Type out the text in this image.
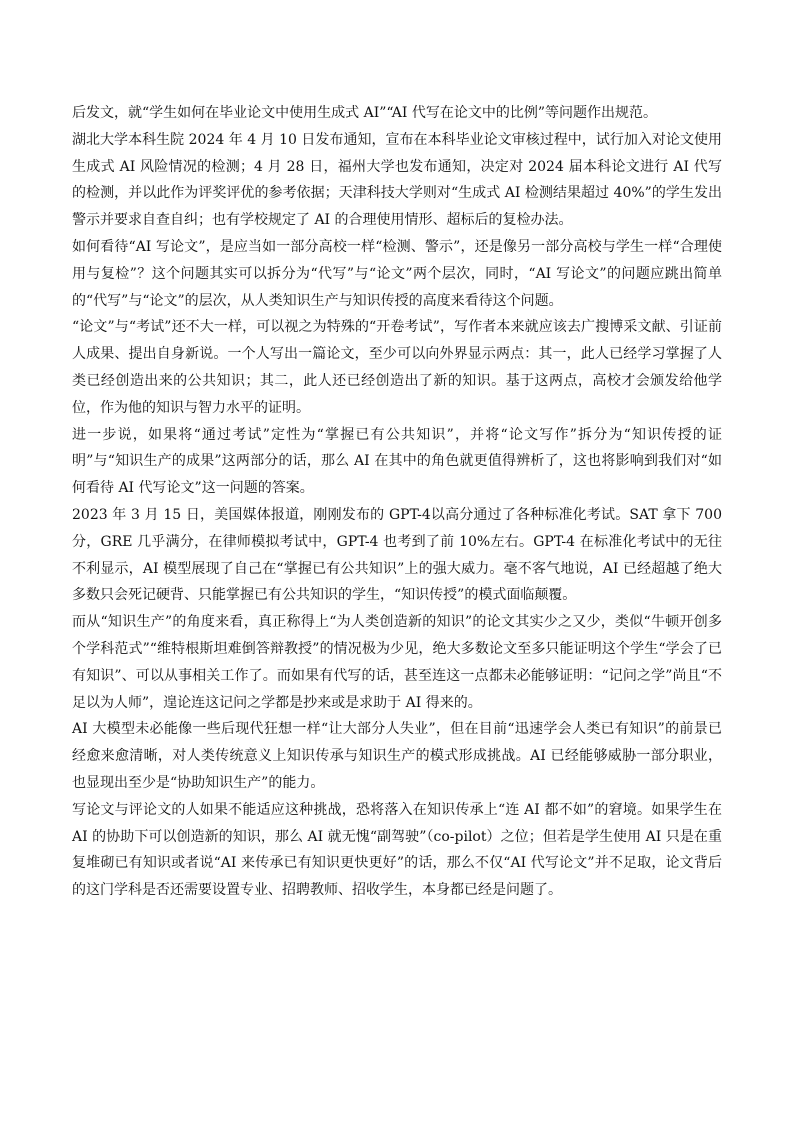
后发文，就“学生如何在毕业论文中使用生成式 AI”“AI 代写在论文中的比例”等问题作出规范。

湖北大学本科生院 2024 年 4 月 10 日发布通知，宣布在本科毕业论文审核过程中，试行加入对论文使用生成式 AI 风险情况的检测；4 月 28 日，福州大学也发布通知，决定对 2024 届本科论文进行 AI 代写的检测，并以此作为评奖评优的参考依据；天津科技大学则对“生成式 AI 检测结果超过 40%”的学生发出警示并要求自查自纠；也有学校规定了 AI 的合理使用情形、超标后的复检办法。

如何看待“AI 写论文”，是应当如一部分高校一样“检测、警示”，还是像另一部分高校与学生一样“合理使用与复检”？这个问题其实可以拆分为“代写”与“论文”两个层次，同时，“AI 写论文”的问题应跳出简单的“代写”与“论文”的层次，从人类知识生产与知识传授的高度来看待这个问题。

“论文”与“考试”还不大一样，可以视之为特殊的“开卷考试”，写作者本来就应该去广搜博采文献、引证前人成果、提出自身新说。一个人写出一篇论文，至少可以向外界显示两点：其一，此人已经学习掌握了人类已经创造出来的公共知识；其二，此人还已经创造出了新的知识。基于这两点，高校才会颁发给他学位，作为他的知识与智力水平的证明。

进一步说，如果将“通过考试”定性为“掌握已有公共知识”，并将“论文写作”拆分为“知识传授的证明”与“知识生产的成果”这两部分的话，那么 AI 在其中的角色就更值得辨析了，这也将影响到我们对“如何看待 AI 代写论文”这一问题的答案。

2023 年 3 月 15 日，美国媒体报道，刚刚发布的 GPT-4以高分通过了各种标准化考试。SAT 拿下 700 分，GRE 几乎满分，在律师模拟考试中，GPT-4 也考到了前 10%左右。GPT-4 在标准化考试中的无往不利显示，AI 模型展现了自己在“掌握已有公共知识”上的强大威力。毫不客气地说，AI 已经超越了绝大多数只会死记硬背、只能掌握已有公共知识的学生，“知识传授”的模式面临颠覆。

而从“知识生产”的角度来看，真正称得上“为人类创造新的知识”的论文其实少之又少，类似“牛顿开创多个学科范式”“维特根斯坦难倒答辩教授”的情况极为少见，绝大多数论文至多只能证明这个学生“学会了已有知识”、可以从事相关工作了。而如果有代写的话，甚至连这一点都未必能够证明：“记问之学”尚且“不足以为人师”，遑论连这记问之学都是抄来或是求助于 AI 得来的。

AI 大模型未必能像一些后现代狂想一样“让大部分人失业”，但在目前“迅速学会人类已有知识”的前景已经愈来愈清晰，对人类传统意义上知识传承与知识生产的模式形成挑战。AI 已经能够威胁一部分职业，也显现出至少是“协助知识生产”的能力。

写论文与评论文的人如果不能适应这种挑战，恐将落入在知识传承上“连 AI 都不如”的窘境。如果学生在 AI 的协助下可以创造新的知识，那么 AI 就无愧“副驾驶”（co-pilot）之位；但若是学生使用 AI 只是在重复堆砌已有知识或者说“AI 来传承已有知识更快更好”的话，那么不仅“AI 代写论文”并不足取，论文背后的这门学科是否还需要设置专业、招聘教师、招收学生，本身都已经是问题了。
